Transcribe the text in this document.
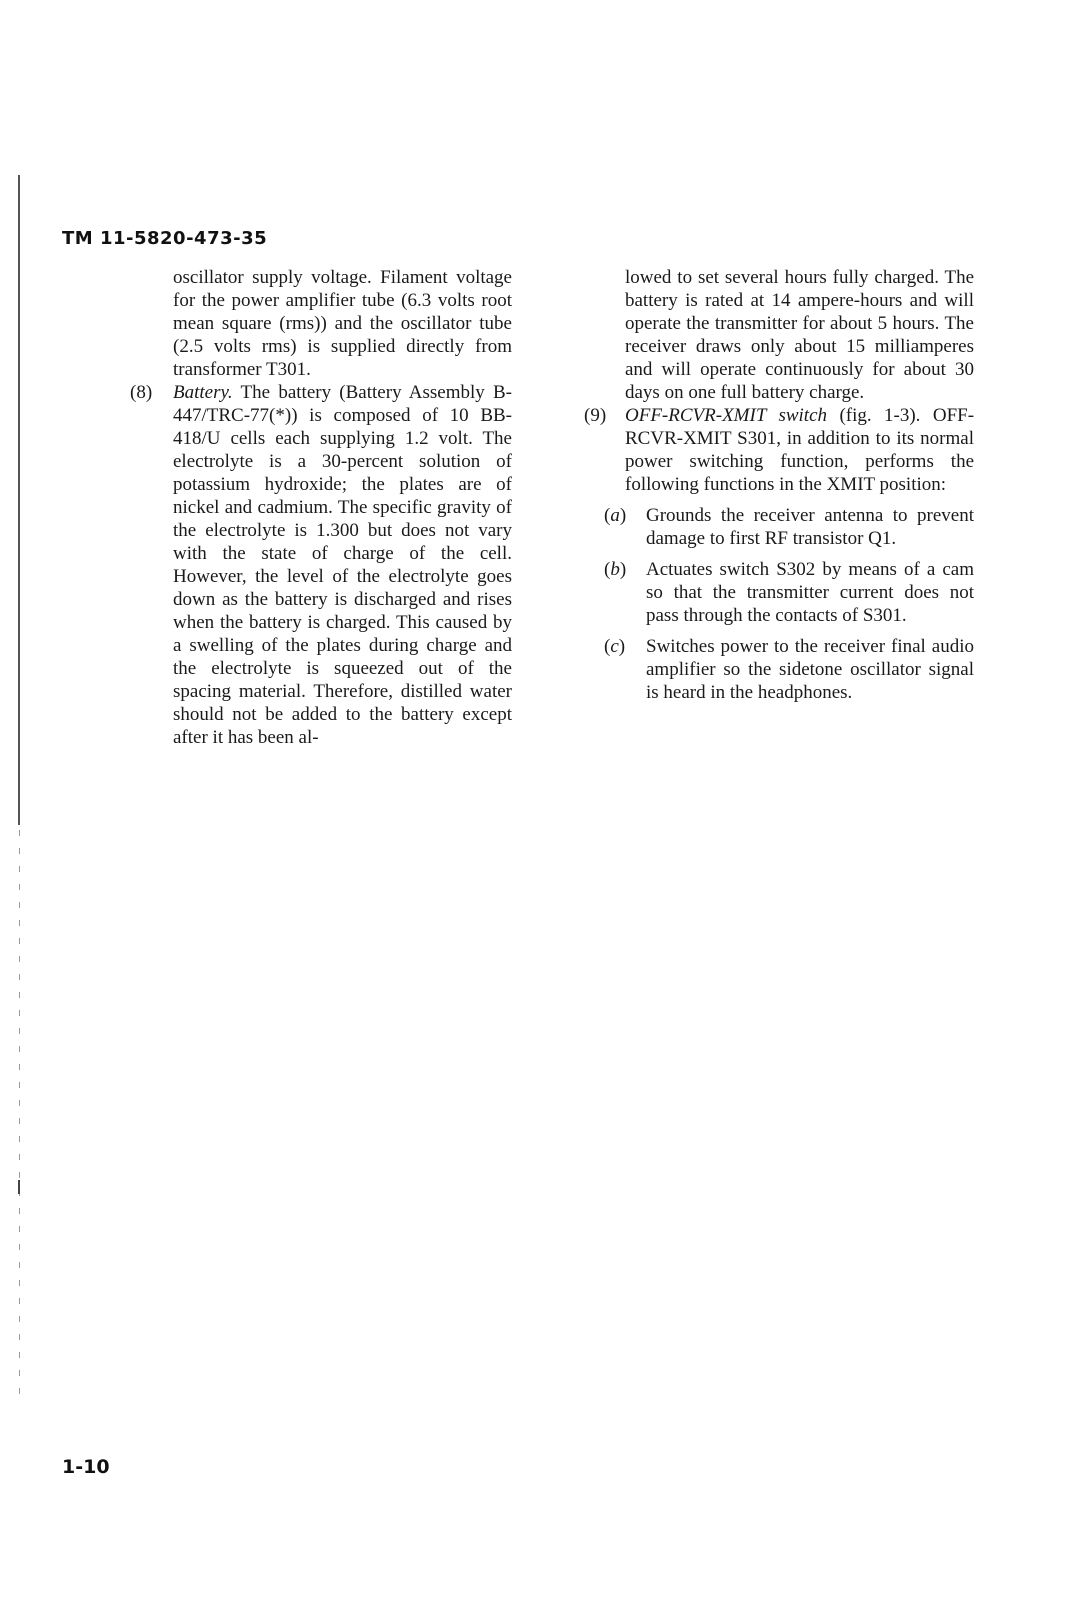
TM 11-5820-473-35

oscillator supply voltage. Filament voltage for the power amplifier tube (6.3 volts root mean square (rms)) and the oscillator tube (2.5 volts rms) is supplied directly from transformer T301.

(8) Battery. The battery (Battery Assembly B-447/TRC-77(*)) is composed of 10 BB-418/U cells each supplying 1.2 volt. The electrolyte is a 30-percent solution of potassium hydroxide; the plates are of nickel and cadmium. The specific gravity of the electrolyte is 1.300 but does not vary with the state of charge of the cell. However, the level of the electrolyte goes down as the battery is discharged and rises when the battery is charged. This caused by a swelling of the plates during charge and the electrolyte is squeezed out of the spacing material. Therefore, distilled water should not be added to the battery except after it has been al-

lowed to set several hours fully charged. The battery is rated at 14 ampere-hours and will operate the transmitter for about 5 hours. The receiver draws only about 15 milliamperes and will operate continuously for about 30 days on one full battery charge.

(9) OFF-RCVR-XMIT switch (fig. 1-3). OFF-RCVR-XMIT S301, in addition to its normal power switching function, performs the following functions in the XMIT position:
(a) Grounds the receiver antenna to prevent damage to first RF transistor Q1.
(b) Actuates switch S302 by means of a cam so that the transmitter current does not pass through the contacts of S301.
(c) Switches power to the receiver final audio amplifier so the sidetone oscillator signal is heard in the headphones.
1-10
